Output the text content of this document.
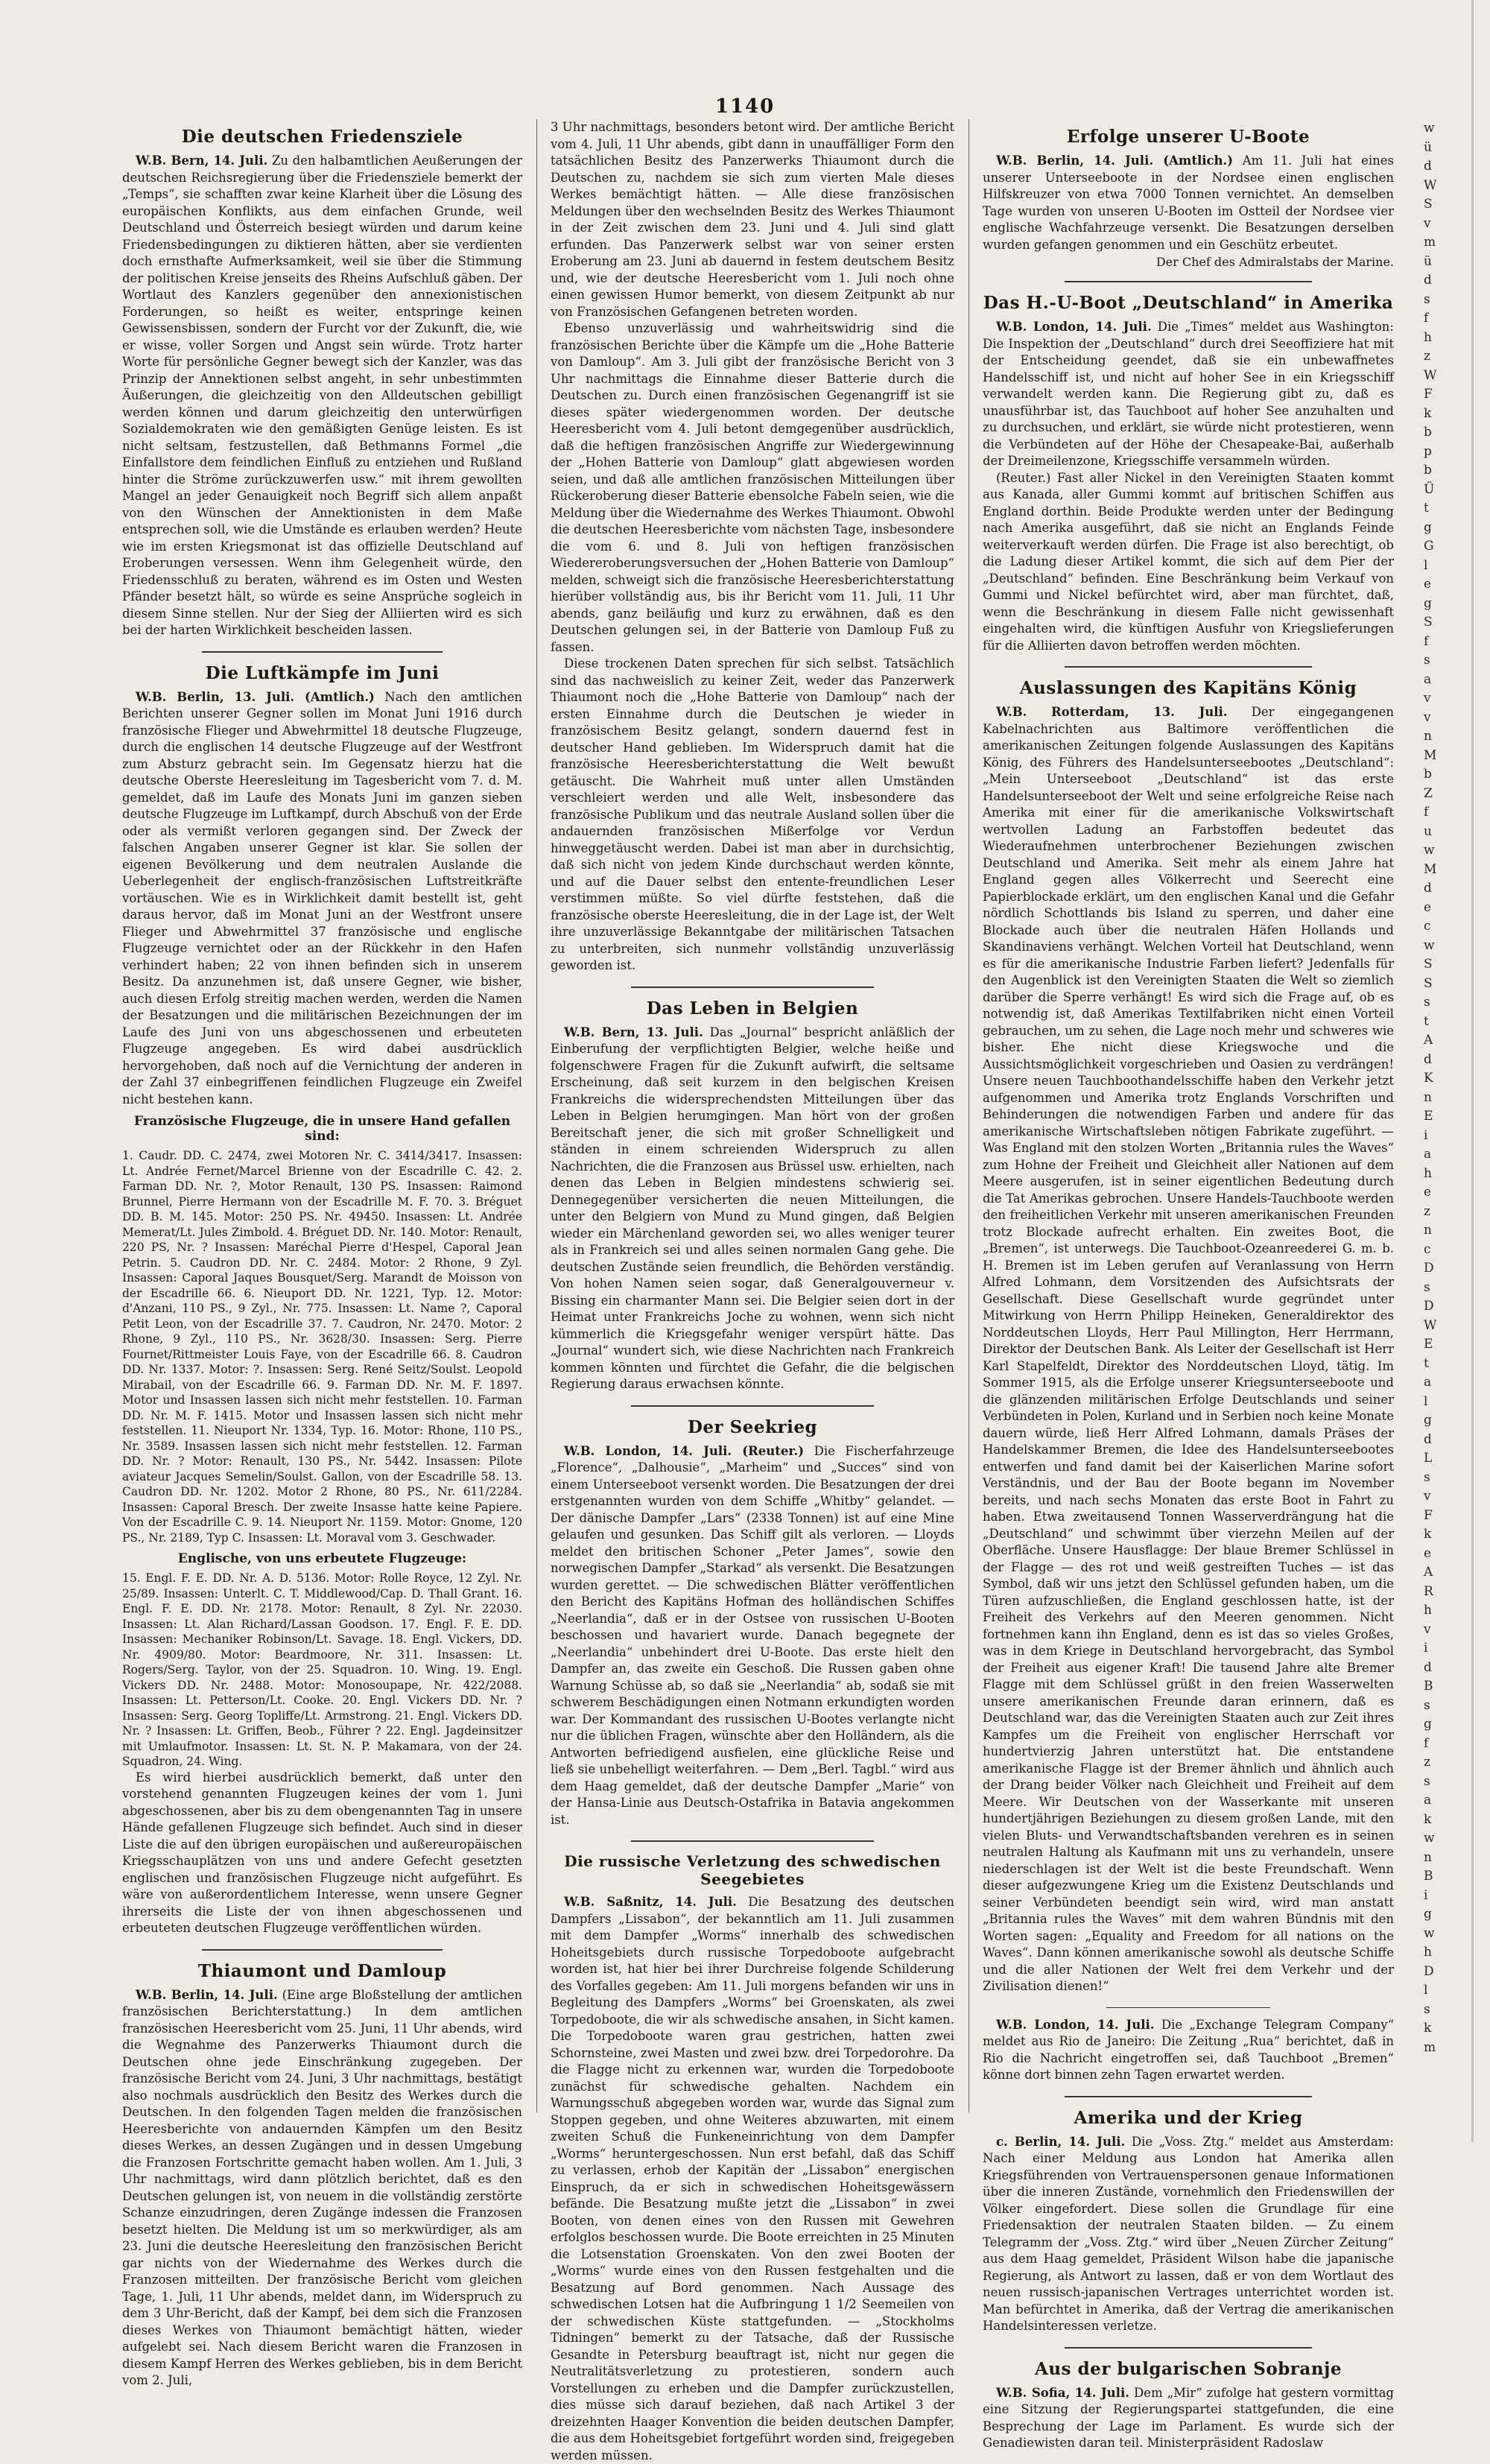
1140
Die deutschen Friedensziele

W.B. Bern, 14. Juli. Zu den halbamtlichen Aeußerungen der deutschen Reichsregierung über die Friedensziele bemerkt der „Temps“, sie schafften zwar keine Klarheit über die Lösung des europäischen Konflikts, aus dem einfachen Grunde, weil Deutschland und Österreich besiegt würden und darum keine Friedensbedingungen zu diktieren hätten, aber sie verdienten doch ernsthafte Aufmerksamkeit, weil sie über die Stimmung der politischen Kreise jenseits des Rheins Aufschluß gäben. Der Wortlaut des Kanzlers gegenüber den annexionistischen Forderungen, so heißt es weiter, entspringe keinen Gewissensbissen, sondern der Furcht vor der Zukunft, die, wie er wisse, voller Sorgen und Angst sein würde. Trotz harter Worte für persönliche Gegner bewegt sich der Kanzler, was das Prinzip der Annektionen selbst angeht, in sehr unbestimmten Äußerungen, die gleichzeitig von den Alldeutschen gebilligt werden können und darum gleichzeitig den unterwürfigen Sozialdemokraten wie den gemäßigten Genüge leisten. Es ist nicht seltsam, festzustellen, daß Bethmanns Formel „die Einfallstore dem feindlichen Einfluß zu entziehen und Rußland hinter die Ströme zurückzuwerfen usw.“ mit ihrem gewollten Mangel an jeder Genauigkeit noch Begriff sich allem anpaßt von den Wünschen der Annektionisten in dem Maße entsprechen soll, wie die Umstände es erlauben werden? Heute wie im ersten Kriegsmonat ist das offizielle Deutschland auf Eroberungen versessen. Wenn ihm Gelegenheit würde, den Friedensschluß zu beraten, während es im Osten und Westen Pfänder besetzt hält, so würde es seine Ansprüche sogleich in diesem Sinne stellen. Nur der Sieg der Alliierten wird es sich bei der harten Wirklichkeit bescheiden lassen.

Die Luftkämpfe im Juni

W.B. Berlin, 13. Juli. (Amtlich.) Nach den amtlichen Berichten unserer Gegner sollen im Monat Juni 1916 durch französische Flieger und Abwehrmittel 18 deutsche Flugzeuge, durch die englischen 14 deutsche Flugzeuge auf der Westfront zum Absturz gebracht sein. Im Gegensatz hierzu hat die deutsche Oberste Heeresleitung im Tagesbericht vom 7. d. M. gemeldet, daß im Laufe des Monats Juni im ganzen sieben deutsche Flugzeuge im Luftkampf, durch Abschuß von der Erde oder als vermißt verloren gegangen sind. Der Zweck der falschen Angaben unserer Gegner ist klar. Sie sollen der eigenen Bevölkerung und dem neutralen Auslande die Ueberlegenheit der englisch-französischen Luftstreitkräfte vortäuschen. Wie es in Wirklichkeit damit bestellt ist, geht daraus hervor, daß im Monat Juni an der Westfront unsere Flieger und Abwehrmittel 37 französische und englische Flugzeuge vernichtet oder an der Rückkehr in den Hafen verhindert haben; 22 von ihnen befinden sich in unserem Besitz. Da anzunehmen ist, daß unsere Gegner, wie bisher, auch diesen Erfolg streitig machen werden, werden die Namen der Besatzungen und die militärischen Bezeichnungen der im Laufe des Juni von uns abgeschossenen und erbeuteten Flugzeuge angegeben. Es wird dabei ausdrücklich hervorgehoben, daß noch auf die Vernichtung der anderen in der Zahl 37 einbegriffenen feindlichen Flugzeuge ein Zweifel nicht bestehen kann.

Französische Flugzeuge, die in unsere Hand gefallen sind:

1. Caudr. DD. C. 2474, zwei Motoren Nr. C. 3414/3417. Insassen: Lt. Andrée Fernet/Marcel Brienne von der Escadrille C. 42. 2. Farman DD. Nr. ?, Motor Renault, 130 PS. Insassen: Raimond Brunnel, Pierre Hermann von der Escadrille M. F. 70. 3. Bréguet DD. B. M. 145. Motor: 250 PS. Nr. 49450. Insassen: Lt. Andrée Memerat/Lt. Jules Zimbold. 4. Bréguet DD. Nr. 140. Motor: Renault, 220 PS, Nr. ? Insassen: Maréchal Pierre d'Hespel, Caporal Jean Petrin. 5. Caudron DD. Nr. C. 2484. Motor: 2 Rhone, 9 Zyl. Insassen: Caporal Jaques Bousquet/Serg. Marandt de Moisson von der Escadrille 66. 6. Nieuport DD. Nr. 1221, Typ. 12. Motor: d'Anzani, 110 PS., 9 Zyl., Nr. 775. Insassen: Lt. Name ?, Caporal Petit Leon, von der Escadrille 37. 7. Caudron, Nr. 2470. Motor: 2 Rhone, 9 Zyl., 110 PS., Nr. 3628/30. Insassen: Serg. Pierre Fournet/Rittmeister Louis Faye, von der Escadrille 66. 8. Caudron DD. Nr. 1337. Motor: ?. Insassen: Serg. René Seitz/Soulst. Leopold Mirabail, von der Escadrille 66. 9. Farman DD. Nr. M. F. 1897. Motor und Insassen lassen sich nicht mehr feststellen. 10. Farman DD. Nr. M. F. 1415. Motor und Insassen lassen sich nicht mehr feststellen. 11. Nieuport Nr. 1334, Typ. 16. Motor: Rhone, 110 PS., Nr. 3589. Insassen lassen sich nicht mehr feststellen. 12. Farman DD. Nr. ? Motor: Renault, 130 PS., Nr. 5442. Insassen: Pilote aviateur Jacques Semelin/Soulst. Gallon, von der Escadrille 58. 13. Caudron DD. Nr. 1202. Motor 2 Rhone, 80 PS., Nr. 611/2284. Insassen: Caporal Bresch. Der zweite Insasse hatte keine Papiere. Von der Escadrille C. 9. 14. Nieuport Nr. 1159. Motor: Gnome, 120 PS., Nr. 2189, Typ C. Insassen: Lt. Moraval vom 3. Geschwader.

Englische, von uns erbeutete Flugzeuge:

15. Engl. F. E. DD. Nr. A. D. 5136. Motor: Rolle Royce, 12 Zyl. Nr. 25/89. Insassen: Unterlt. C. T. Middlewood/Cap. D. Thall Grant. 16. Engl. F. E. DD. Nr. 2178. Motor: Renault, 8 Zyl. Nr. 22030. Insassen: Lt. Alan Richard/Lassan Goodson. 17. Engl. F. E. DD. Insassen: Mechaniker Robinson/Lt. Savage. 18. Engl. Vickers, DD. Nr. 4909/80. Motor: Beardmoore, Nr. 311. Insassen: Lt. Rogers/Serg. Taylor, von der 25. Squadron. 10. Wing. 19. Engl. Vickers DD. Nr. 2488. Motor: Monosoupape, Nr. 422/2088. Insassen: Lt. Petterson/Lt. Cooke. 20. Engl. Vickers DD. Nr. ? Insassen: Serg. Georg Topliffe/Lt. Armstrong. 21. Engl. Vickers DD. Nr. ? Insassen: Lt. Griffen, Beob., Führer ? 22. Engl. Jagdeinsitzer mit Umlaufmotor. Insassen: Lt. St. N. P. Makamara, von der 24. Squadron, 24. Wing.

Es wird hierbei ausdrücklich bemerkt, daß unter den vorstehend genannten Flugzeugen keines der vom 1. Juni abgeschossenen, aber bis zu dem obengenannten Tag in unsere Hände gefallenen Flugzeuge sich befindet. Auch sind in dieser Liste die auf den übrigen europäischen und außereuropäischen Kriegsschauplätzen von uns und andere Gefecht gesetzten englischen und französischen Flugzeuge nicht aufgeführt. Es wäre von außerordentlichem Interesse, wenn unsere Gegner ihrerseits die Liste der von ihnen abgeschossenen und erbeuteten deutschen Flugzeuge veröffentlichen würden.

Thiaumont und Damloup

W.B. Berlin, 14. Juli. (Eine arge Bloßstellung der amtlichen französischen Berichterstattung.) In dem amtlichen französischen Heeresbericht vom 25. Juni, 11 Uhr abends, wird die Wegnahme des Panzerwerks Thiaumont durch die Deutschen ohne jede Einschränkung zugegeben. Der französische Bericht vom 24. Juni, 3 Uhr nachmittags, bestätigt also nochmals ausdrücklich den Besitz des Werkes durch die Deutschen. In den folgenden Tagen melden die französischen Heeresberichte von andauernden Kämpfen um den Besitz dieses Werkes, an dessen Zugängen und in dessen Umgebung die Franzosen Fortschritte gemacht haben wollen. Am 1. Juli, 3 Uhr nachmittags, wird dann plötzlich berichtet, daß es den Deutschen gelungen ist, von neuem in die vollständig zerstörte Schanze einzudringen, deren Zugänge indessen die Franzosen besetzt hielten. Die Meldung ist um so merkwürdiger, als am 23. Juni die deutsche Heeresleitung den französischen Bericht gar nichts von der Wiedernahme des Werkes durch die Franzosen mitteilten. Der französische Bericht vom gleichen Tage, 1. Juli, 11 Uhr abends, meldet dann, im Widerspruch zu dem 3 Uhr-Bericht, daß der Kampf, bei dem sich die Franzosen dieses Werkes von Thiaumont bemächtigt hätten, wieder aufgelebt sei. Nach diesem Bericht waren die Franzosen in diesem Kampf Herren des Werkes geblieben, bis in dem Bericht vom 2. Juli,

3 Uhr nachmittags, besonders betont wird. Der amtliche Bericht vom 4. Juli, 11 Uhr abends, gibt dann in unauffälliger Form den tatsächlichen Besitz des Panzerwerks Thiaumont durch die Deutschen zu, nachdem sie sich zum vierten Male dieses Werkes bemächtigt hätten. — Alle diese französischen Meldungen über den wechselnden Besitz des Werkes Thiaumont in der Zeit zwischen dem 23. Juni und 4. Juli sind glatt erfunden. Das Panzerwerk selbst war von seiner ersten Eroberung am 23. Juni ab dauernd in festem deutschem Besitz und, wie der deutsche Heeresbericht vom 1. Juli noch ohne einen gewissen Humor bemerkt, von diesem Zeitpunkt ab nur von Französischen Gefangenen betreten worden.

Ebenso unzuverlässig und wahrheitswidrig sind die französischen Berichte über die Kämpfe um die „Hohe Batterie von Damloup“. Am 3. Juli gibt der französische Bericht von 3 Uhr nachmittags die Einnahme dieser Batterie durch die Deutschen zu. Durch einen französischen Gegenangriff ist sie dieses später wiedergenommen worden. Der deutsche Heeresbericht vom 4. Juli betont demgegenüber ausdrücklich, daß die heftigen französischen Angriffe zur Wiedergewinnung der „Hohen Batterie von Damloup“ glatt abgewiesen worden seien, und daß alle amtlichen französischen Mitteilungen über Rückeroberung dieser Batterie ebensolche Fabeln seien, wie die Meldung über die Wiedernahme des Werkes Thiaumont. Obwohl die deutschen Heeresberichte vom nächsten Tage, insbesondere die vom 6. und 8. Juli von heftigen französischen Wiedereroberungsversuchen der „Hohen Batterie von Damloup“ melden, schweigt sich die französische Heeresberichterstattung hierüber vollständig aus, bis ihr Bericht vom 11. Juli, 11 Uhr abends, ganz beiläufig und kurz zu erwähnen, daß es den Deutschen gelungen sei, in der Batterie von Damloup Fuß zu fassen.

Diese trockenen Daten sprechen für sich selbst. Tatsächlich sind das nachweislich zu keiner Zeit, weder das Panzerwerk Thiaumont noch die „Hohe Batterie von Damloup“ nach der ersten Einnahme durch die Deutschen je wieder in französischem Besitz gelangt, sondern dauernd fest in deutscher Hand geblieben. Im Widerspruch damit hat die französische Heeresberichterstattung die Welt bewußt getäuscht. Die Wahrheit muß unter allen Umständen verschleiert werden und alle Welt, insbesondere das französische Publikum und das neutrale Ausland sollen über die andauernden französischen Mißerfolge vor Verdun hinweggetäuscht werden. Dabei ist man aber in durchsichtig, daß sich nicht von jedem Kinde durchschaut werden könnte, und auf die Dauer selbst den entente-freundlichen Leser verstimmen müßte. So viel dürfte feststehen, daß die französische oberste Heeresleitung, die in der Lage ist, der Welt ihre unzuverlässige Bekanntgabe der militärischen Tatsachen zu unterbreiten, sich nunmehr vollständig unzuverlässig geworden ist.

Das Leben in Belgien

W.B. Bern, 13. Juli. Das „Journal“ bespricht anläßlich der Einberufung der verpflichtigten Belgier, welche heiße und folgenschwere Fragen für die Zukunft aufwirft, die seltsame Erscheinung, daß seit kurzem in den belgischen Kreisen Frankreichs die widersprechendsten Mitteilungen über das Leben in Belgien herumgingen. Man hört von der großen Bereitschaft jener, die sich mit großer Schnelligkeit und ständen in einem schreienden Widerspruch zu allen Nachrichten, die die Franzosen aus Brüssel usw. erhielten, nach denen das Leben in Belgien mindestens schwierig sei. Dennegegenüber versicherten die neuen Mitteilungen, die unter den Belgiern von Mund zu Mund gingen, daß Belgien wieder ein Märchenland geworden sei, wo alles weniger teurer als in Frankreich sei und alles seinen normalen Gang gehe. Die deutschen Zustände seien freundlich, die Behörden verständig. Von hohen Namen seien sogar, daß Generalgouverneur v. Bissing ein charmanter Mann sei. Die Belgier seien dort in der Heimat unter Frankreichs Joche zu wohnen, wenn sich nicht kümmerlich die Kriegsgefahr weniger verspürt hätte. Das „Journal“ wundert sich, wie diese Nachrichten nach Frankreich kommen könnten und fürchtet die Gefahr, die die belgischen Regierung daraus erwachsen könnte.

Der Seekrieg

W.B. London, 14. Juli. (Reuter.) Die Fischerfahrzeuge „Florence“, „Dalhousie“, „Marheim“ und „Succes“ sind von einem Unterseeboot versenkt worden. Die Besatzungen der drei erstgenannten wurden von dem Schiffe „Whitby“ gelandet. — Der dänische Dampfer „Lars“ (2338 Tonnen) ist auf eine Mine gelaufen und gesunken. Das Schiff gilt als verloren. — Lloyds meldet den britischen Schoner „Peter James“, sowie den norwegischen Dampfer „Starkad“ als versenkt. Die Besatzungen wurden gerettet. — Die schwedischen Blätter veröffentlichen den Bericht des Kapitäns Hofman des holländischen Schiffes „Neerlandia“, daß er in der Ostsee von russischen U-Booten beschossen und havariert wurde. Danach begegnete der „Neerlandia“ unbehindert drei U-Boote. Das erste hielt den Dampfer an, das zweite ein Geschoß. Die Russen gaben ohne Warnung Schüsse ab, so daß sie „Neerlandia“ ab, sodaß sie mit schwerem Beschädigungen einen Notmann erkundigten worden war. Der Kommandant des russischen U-Bootes verlangte nicht nur die üblichen Fragen, wünschte aber den Holländern, als die Antworten befriedigend ausfielen, eine glückliche Reise und ließ sie unbehelligt weiterfahren. — Dem „Berl. Tagbl.“ wird aus dem Haag gemeldet, daß der deutsche Dampfer „Marie“ von der Hansa-Linie aus Deutsch-Ostafrika in Batavia angekommen ist.

Die russische Verletzung des schwedischen Seegebietes

W.B. Saßnitz, 14. Juli. Die Besatzung des deutschen Dampfers „Lissabon“, der bekanntlich am 11. Juli zusammen mit dem Dampfer „Worms“ innerhalb des schwedischen Hoheitsgebiets durch russische Torpedoboote aufgebracht worden ist, hat hier bei ihrer Durchreise folgende Schilderung des Vorfalles gegeben: Am 11. Juli morgens befanden wir uns in Begleitung des Dampfers „Worms“ bei Groenskaten, als zwei Torpedoboote, die wir als schwedische ansahen, in Sicht kamen. Die Torpedoboote waren grau gestrichen, hatten zwei Schornsteine, zwei Masten und zwei bzw. drei Torpedorohre. Da die Flagge nicht zu erkennen war, wurden die Torpedoboote zunächst für schwedische gehalten. Nachdem ein Warnungsschuß abgegeben worden war, wurde das Signal zum Stoppen gegeben, und ohne Weiteres abzuwarten, mit einem zweiten Schuß die Funkeneinrichtung von dem Dampfer „Worms“ heruntergeschossen. Nun erst befahl, daß das Schiff zu verlassen, erhob der Kapitän der „Lissabon“ energischen Einspruch, da er sich in schwedischen Hoheitsgewässern befände. Die Besatzung mußte jetzt die „Lissabon“ in zwei Booten, von denen eines von den Russen mit Gewehren erfolglos beschossen wurde. Die Boote erreichten in 25 Minuten die Lotsenstation Groenskaten. Von den zwei Booten der „Worms“ wurde eines von den Russen festgehalten und die Besatzung auf Bord genommen. Nach Aussage des schwedischen Lotsen hat die Aufbringung 1 1/2 Seemeilen von der schwedischen Küste stattgefunden. — „Stockholms Tidningen“ bemerkt zu der Tatsache, daß der Russische Gesandte in Petersburg beauftragt ist, nicht nur gegen die Neutralitätsverletzung zu protestieren, sondern auch Vorstellungen zu erheben und die Dampfer zurückzustellen, dies müsse sich darauf beziehen, daß nach Artikel 3 der dreizehnten Haager Konvention die beiden deutschen Dampfer, die aus dem Hoheitsgebiet fortgeführt worden sind, freigegeben werden müssen.

Erfolge unserer U-Boote

W.B. Berlin, 14. Juli. (Amtlich.) Am 11. Juli hat eines unserer Unterseeboote in der Nordsee einen englischen Hilfskreuzer von etwa 7000 Tonnen vernichtet. An demselben Tage wurden von unseren U-Booten im Ostteil der Nordsee vier englische Wachfahrzeuge versenkt. Die Besatzungen derselben wurden gefangen genommen und ein Geschütz erbeutet.

Der Chef des Admiralstabs der Marine.

Das H.-U-Boot „Deutschland“ in Amerika

W.B. London, 14. Juli. Die „Times“ meldet aus Washington: Die Inspektion der „Deutschland“ durch drei Seeoffiziere hat mit der Entscheidung geendet, daß sie ein unbewaffnetes Handelsschiff ist, und nicht auf hoher See in ein Kriegsschiff verwandelt werden kann. Die Regierung gibt zu, daß es unausführbar ist, das Tauchboot auf hoher See anzuhalten und zu durchsuchen, und erklärt, sie würde nicht protestieren, wenn die Verbündeten auf der Höhe der Chesapeake-Bai, außerhalb der Dreimeilenzone, Kriegsschiffe versammeln würden.

(Reuter.) Fast aller Nickel in den Vereinigten Staaten kommt aus Kanada, aller Gummi kommt auf britischen Schiffen aus England dorthin. Beide Produkte werden unter der Bedingung nach Amerika ausgeführt, daß sie nicht an Englands Feinde weiterverkauft werden dürfen. Die Frage ist also berechtigt, ob die Ladung dieser Artikel kommt, die sich auf dem Pier der „Deutschland“ befinden. Eine Beschränkung beim Verkauf von Gummi und Nickel befürchtet wird, aber man fürchtet, daß, wenn die Beschränkung in diesem Falle nicht gewissenhaft eingehalten wird, die künftigen Ausfuhr von Kriegslieferungen für die Alliierten davon betroffen werden möchten.

Auslassungen des Kapitäns König

W.B. Rotterdam, 13. Juli. Der eingegangenen Kabelnachrichten aus Baltimore veröffentlichen die amerikanischen Zeitungen folgende Auslassungen des Kapitäns König, des Führers des Handelsunterseebootes „Deutschland“: „Mein Unterseeboot „Deutschland“ ist das erste Handelsunterseeboot der Welt und seine erfolgreiche Reise nach Amerika mit einer für die amerikanische Volkswirtschaft wertvollen Ladung an Farbstoffen bedeutet das Wiederaufnehmen unterbrochener Beziehungen zwischen Deutschland und Amerika. Seit mehr als einem Jahre hat England gegen alles Völkerrecht und Seerecht eine Papierblockade erklärt, um den englischen Kanal und die Gefahr nördlich Schottlands bis Island zu sperren, und daher eine Blockade auch über die neutralen Häfen Hollands und Skandinaviens verhängt. Welchen Vorteil hat Deutschland, wenn es für die amerikanische Industrie Farben liefert? Jedenfalls für den Augenblick ist den Vereinigten Staaten die Welt so ziemlich darüber die Sperre verhängt! Es wird sich die Frage auf, ob es notwendig ist, daß Amerikas Textilfabriken nicht einen Vorteil gebrauchen, um zu sehen, die Lage noch mehr und schweres wie bisher. Ehe nicht diese Kriegswoche und die Aussichtsmöglichkeit vorgeschrieben und Oasien zu verdrängen! Unsere neuen Tauchboothandelsschiffe haben den Verkehr jetzt aufgenommen und Amerika trotz Englands Vorschriften und Behinderungen die notwendigen Farben und andere für das amerikanische Wirtschaftsleben nötigen Fabrikate zugeführt. — Was England mit den stolzen Worten „Britannia rules the Waves“ zum Hohne der Freiheit und Gleichheit aller Nationen auf dem Meere ausgerufen, ist in seiner eigentlichen Bedeutung durch die Tat Amerikas gebrochen. Unsere Handels-Tauchboote werden den freiheitlichen Verkehr mit unseren amerikanischen Freunden trotz Blockade aufrecht erhalten. Ein zweites Boot, die „Bremen“, ist unterwegs. Die Tauchboot-Ozeanreederei G. m. b. H. Bremen ist im Leben gerufen auf Veranlassung von Herrn Alfred Lohmann, dem Vorsitzenden des Aufsichtsrats der Gesellschaft. Diese Gesellschaft wurde gegründet unter Mitwirkung von Herrn Philipp Heineken, Generaldirektor des Norddeutschen Lloyds, Herr Paul Millington, Herr Herrmann, Direktor der Deutschen Bank. Als Leiter der Gesellschaft ist Herr Karl Stapelfeldt, Direktor des Norddeutschen Lloyd, tätig. Im Sommer 1915, als die Erfolge unserer Kriegsunterseeboote und die glänzenden militärischen Erfolge Deutschlands und seiner Verbündeten in Polen, Kurland und in Serbien noch keine Monate dauern würde, ließ Herr Alfred Lohmann, damals Präses der Handelskammer Bremen, die Idee des Handelsunterseebootes entwerfen und fand damit bei der Kaiserlichen Marine sofort Verständnis, und der Bau der Boote begann im November bereits, und nach sechs Monaten das erste Boot in Fahrt zu haben. Etwa zweitausend Tonnen Wasserverdrängung hat die „Deutschland“ und schwimmt über vierzehn Meilen auf der Oberfläche. Unsere Hausflagge: Der blaue Bremer Schlüssel in der Flagge — des rot und weiß gestreiften Tuches — ist das Symbol, daß wir uns jetzt den Schlüssel gefunden haben, um die Türen aufzuschließen, die England geschlossen hatte, ist der Freiheit des Verkehrs auf den Meeren genommen. Nicht fortnehmen kann ihn England, denn es ist das so vieles Großes, was in dem Kriege in Deutschland hervorgebracht, das Symbol der Freiheit aus eigener Kraft! Die tausend Jahre alte Bremer Flagge mit dem Schlüssel grüßt in den freien Wasserwelten unsere amerikanischen Freunde daran erinnern, daß es Deutschland war, das die Vereinigten Staaten auch zur Zeit ihres Kampfes um die Freiheit von englischer Herrschaft vor hundertvierzig Jahren unterstützt hat. Die entstandene amerikanische Flagge ist der Bremer ähnlich und ähnlich auch der Drang beider Völker nach Gleichheit und Freiheit auf dem Meere. Wir Deutschen von der Wasserkante mit unseren hundertjährigen Beziehungen zu diesem großen Lande, mit den vielen Bluts- und Verwandtschaftsbanden verehren es in seinen neutralen Haltung als Kaufmann mit uns zu verhandeln, unsere niederschlagen ist der Welt ist die beste Freundschaft. Wenn dieser aufgezwungene Krieg um die Existenz Deutschlands und seiner Verbündeten beendigt sein wird, wird man anstatt „Britannia rules the Waves“ mit dem wahren Bündnis mit den Worten sagen: „Equality and Freedom for all nations on the Waves“. Dann können amerikanische sowohl als deutsche Schiffe und die aller Nationen der Welt frei dem Verkehr und der Zivilisation dienen!“

W.B. London, 14. Juli. Die „Exchange Telegram Company“ meldet aus Rio de Janeiro: Die Zeitung „Rua“ berichtet, daß in Rio die Nachricht eingetroffen sei, daß Tauchboot „Bremen“ könne dort binnen zehn Tagen erwartet werden.

Amerika und der Krieg

c. Berlin, 14. Juli. Die „Voss. Ztg.“ meldet aus Amsterdam: Nach einer Meldung aus London hat Amerika allen Kriegsführenden von Vertrauenspersonen genaue Informationen über die inneren Zustände, vornehmlich den Friedenswillen der Völker eingefordert. Diese sollen die Grundlage für eine Friedensaktion der neutralen Staaten bilden. — Zu einem Telegramm der „Voss. Ztg.“ wird über „Neuen Zürcher Zeitung“ aus dem Haag gemeldet, Präsident Wilson habe die japanische Regierung, als Antwort zu lassen, daß er von dem Wortlaut des neuen russisch-japanischen Vertrages unterrichtet worden ist. Man befürchtet in Amerika, daß der Vertrag die amerikanischen Handelsinteressen verletze.

Aus der bulgarischen Sobranje

W.B. Sofia, 14. Juli. Dem „Mir“ zufolge hat gestern vormittag eine Sitzung der Regierungspartei stattgefunden, die eine Besprechung der Lage im Parlament. Es wurde sich der Genadiewisten daran teil. Ministerpräsident Radoslaw

w
ü
d
W
S
v
m
ü
d
s
f
h
z
W
F
k
b
p
b
Ü
t
g
G
l
e
g
S
f
s
a
v
v
n
M
b
Z
f
u
w
M
d
e
c
w
S
S
s
t
A
d
K
n
E
i
a
h
e
z
n
c
D
s
D
W
E
t
a
l
g
d
L
s
v
F
k
e
A
R
h
v
i
d
B
s
g
f
z
s
a
k
w
n
B
i
g
w
h
D
l
s
k
m
